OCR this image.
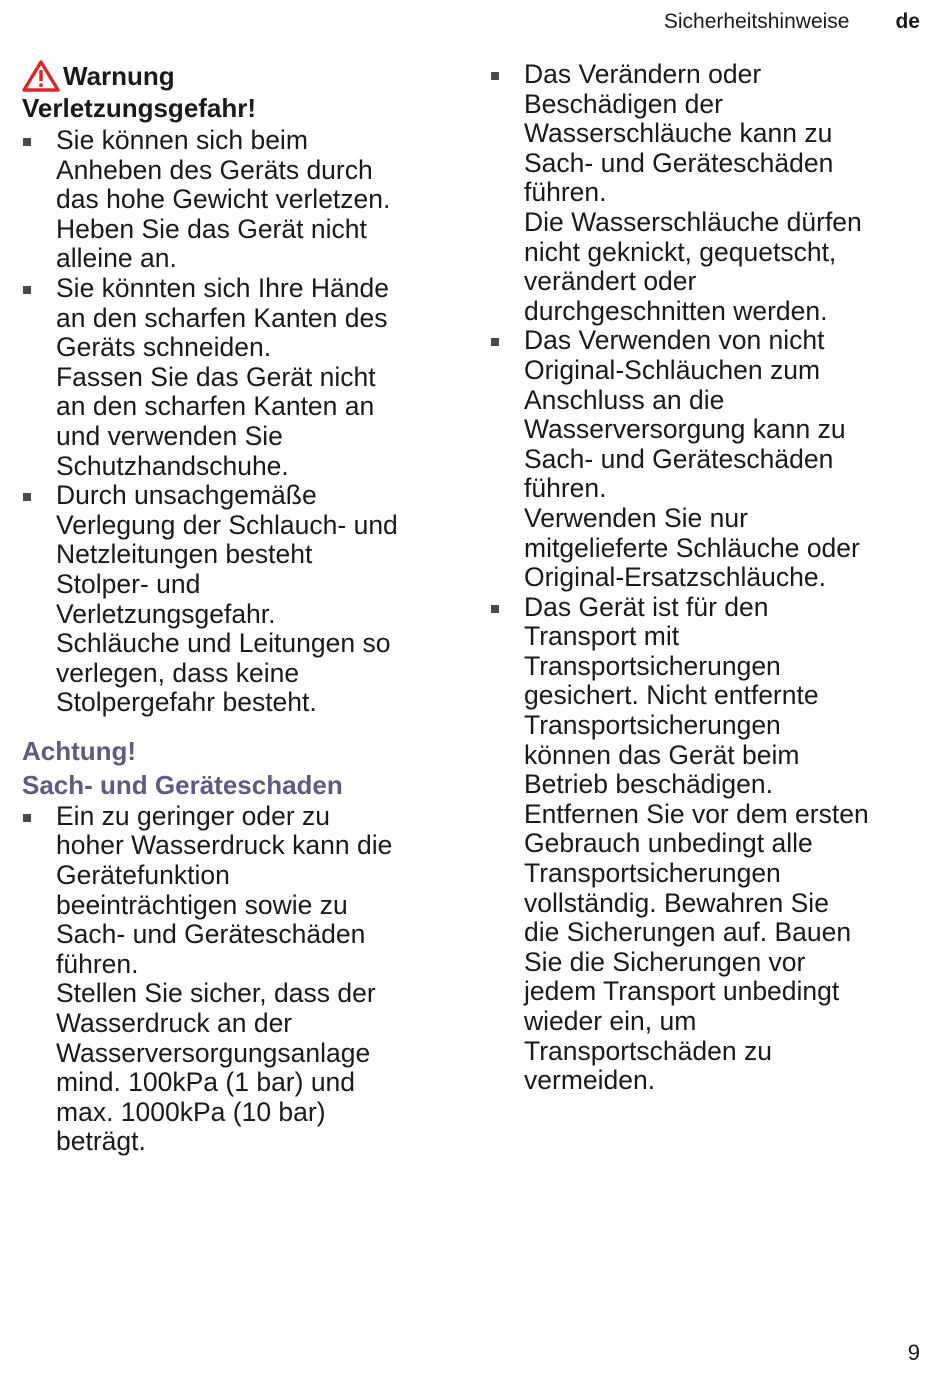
Sicherheitshinweise de
Warnung
Verletzungsgefahr!
Sie können sich beim
Anheben des Geräts durch
das hohe Gewicht verletzen.
Heben Sie das Gerät nicht
alleine an.
Sie könnten sich Ihre Hände
an den scharfen Kanten des
Geräts schneiden.
Fassen Sie das Gerät nicht
an den scharfen Kanten an
und verwenden Sie
Schutzhandschuhe.
Durch unsachgemäße
Verlegung der Schlauch- und
Netzleitungen besteht
Stolper- und
Verletzungsgefahr.
Schläuche und Leitungen so
verlegen, dass keine
Stolpergefahr besteht.
Achtung!
Sach- und Geräteschaden
Ein zu geringer oder zu
hoher Wasserdruck kann die
Gerätefunktion
beeinträchtigen sowie zu
Sach- und Geräteschäden
führen.
Stellen Sie sicher, dass der
Wasserdruck an der
Wasserversorgungsanlage
mind. 100kPa (1 bar) und
max. 1000kPa (10 bar)
beträgt.
Das Verändern oder
Beschädigen der
Wasserschläuche kann zu
Sach- und Geräteschäden
führen.
Die Wasserschläuche dürfen
nicht geknickt, gequetscht,
verändert oder
durchgeschnitten werden.
Das Verwenden von nicht
Original-Schläuchen zum
Anschluss an die
Wasserversorgung kann zu
Sach- und Geräteschäden
führen.
Verwenden Sie nur
mitgelieferte Schläuche oder
Original-Ersatzschläuche.
Das Gerät ist für den
Transport mit
Transportsicherungen
gesichert. Nicht entfernte
Transportsicherungen
können das Gerät beim
Betrieb beschädigen.
Entfernen Sie vor dem ersten
Gebrauch unbedingt alle
Transportsicherungen
vollständig. Bewahren Sie
die Sicherungen auf. Bauen
Sie die Sicherungen vor
jedem Transport unbedingt
wieder ein, um
Transportschäden zu
vermeiden.
9
